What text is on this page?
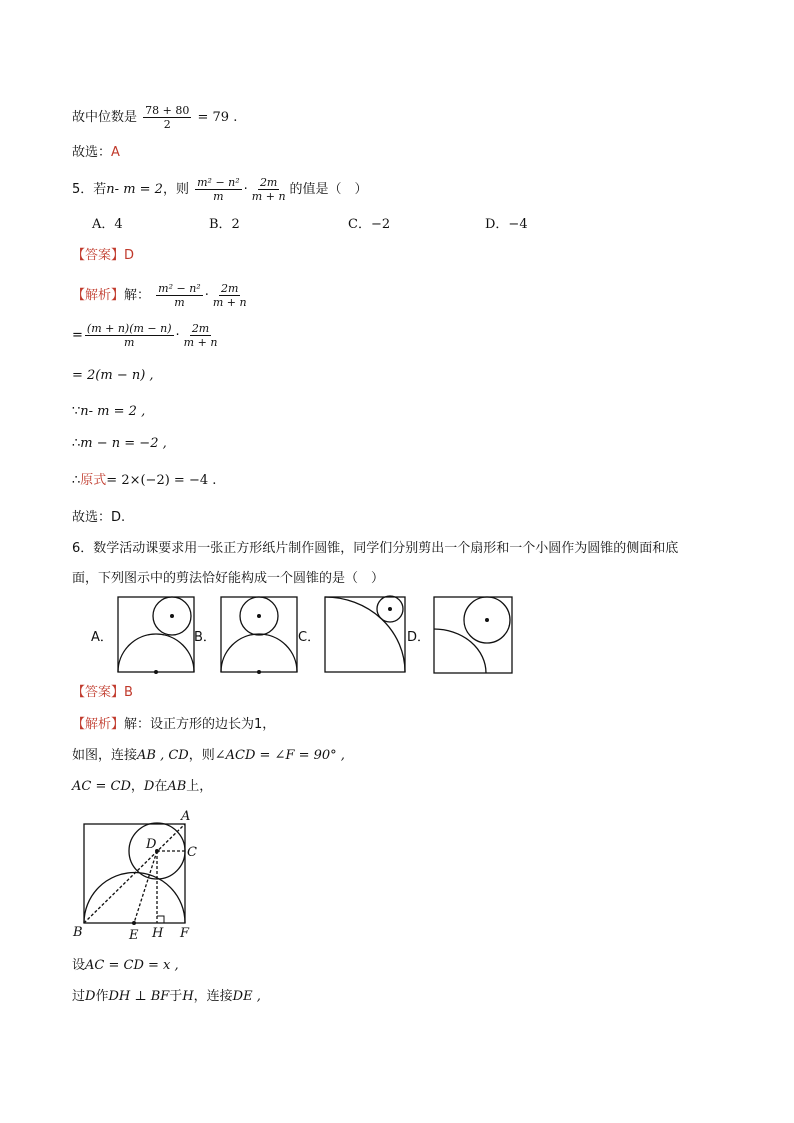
故中位数是 $\frac{78 + 80}{2} = 79$ .
故选：A
5．若n- m = 2，则 $\frac{\text{m² − n²}}{m} \cdot \frac{2m}{m + n}$ 的值是（　）
A．4	B．2	C．−2	D．−4
【答案】D
【解析】解： $\frac{\text{m² − n²}}{m} \cdot \frac{2m}{m + n}$
= $\frac{(m + n)(m - n)}{m} \cdot \frac{2m}{m + n}$
= 2(m − n) ,
∵n- m = 2 ,
∴m − n = −2 ,
∴原式= 2×(−2) = −4 .
故选：D.
6．数学活动课要求用一张正方形纸片制作圆锥，同学们分别剪出一个扇形和一个小圆作为圆锥的侧面和底
面，下列图示中的剪法恰好能构成一个圆锥的是（　）
A．	B．	C．	D．
【答案】B
【解析】解：设正方形的边长为1，
如图，连接AB , CD，则∠ACD = ∠F = 90° ,
AC = CD，D在AB上，
A
B
C
D
E H F
设AC = CD = x ,
过D作DH ⊥ BF于H，连接DE ,
